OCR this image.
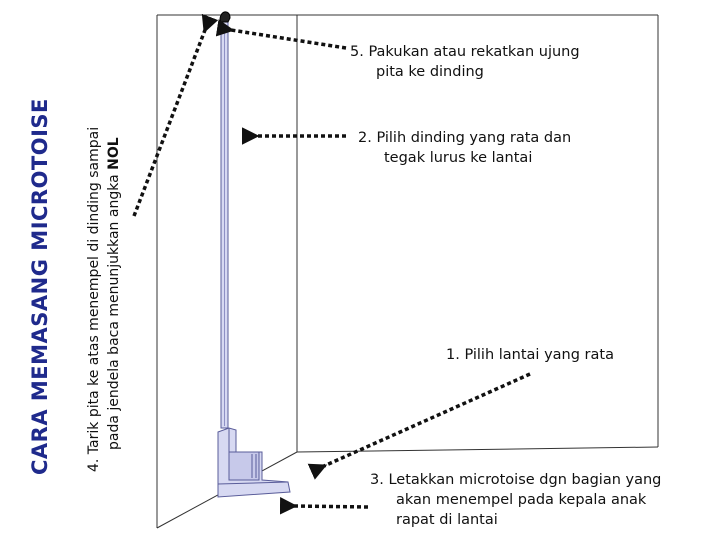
CARA MEMASANG MICROTOISE	4. Tarik pita ke atas menempel di dinding sampai pada jendela baca menunjukkan angka NOL
5. Pakukan atau rekatkan ujung
pita ke dinding
2. Pilih dinding yang rata dan
tegak lurus ke lantai
1. Pilih lantai yang rata
3. Letakkan microtoise dgn bagian yang
akan menempel pada kepala anak
rapat di lantai
